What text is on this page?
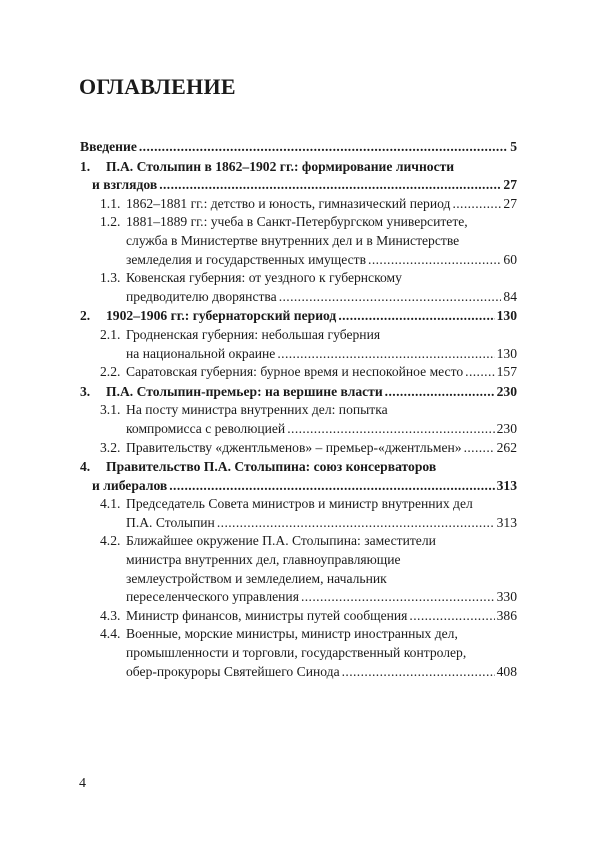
ОГЛАВЛЕНИЕ
Введение .....	5
1. П.А. Столыпин в 1862–1902 гг.: формирование личности
и взглядов .....	27
1.1. 1862–1881 гг.: детство и юность, гимназический период .....	27
1.2. 1881–1889 гг.: учеба в Санкт-Петербургском университете,
служба в Министертве внутренних дел и в Министерстве
земледелия и государственных имуществ .....	60
1.3. Ковенская губерния: от уездного к губернскому
предводителю дворянства .....	84
2. 1902–1906 гг.: губернаторский период .....	130
2.1. Гродненская губерния: небольшая губерния
на национальной окраине .....	130
2.2. Саратовская губерния: бурное время и неспокойное место ..... 157
3. П.А. Столыпин-премьер: на вершине власти .....	230
3.1. На посту министра внутренних дел: попытка
компромисса с революцией .....	230
3.2. Правительству «джентльменов» – премьер-«джентльмен» .....	262
4. Правительство П.А. Столыпина: союз консерваторов
и либералов .....	313
4.1. Председатель Совета министров и министр внутренних дел
П.А. Столыпин .....	313
4.2. Ближайшее окружение П.А. Столыпина: заместители
министра внутренних дел, главноуправляющие
землеустройством и земледелием, начальник
переселенческого управления .....	330
4.3. Министр финансов, министры путей сообщения .....	386
4.4. Военные, морские министры, министр иностранных дел,
промышленности и торговли, государственный контролер,
обер-прокуроры Святейшего Синода .....	408
4
